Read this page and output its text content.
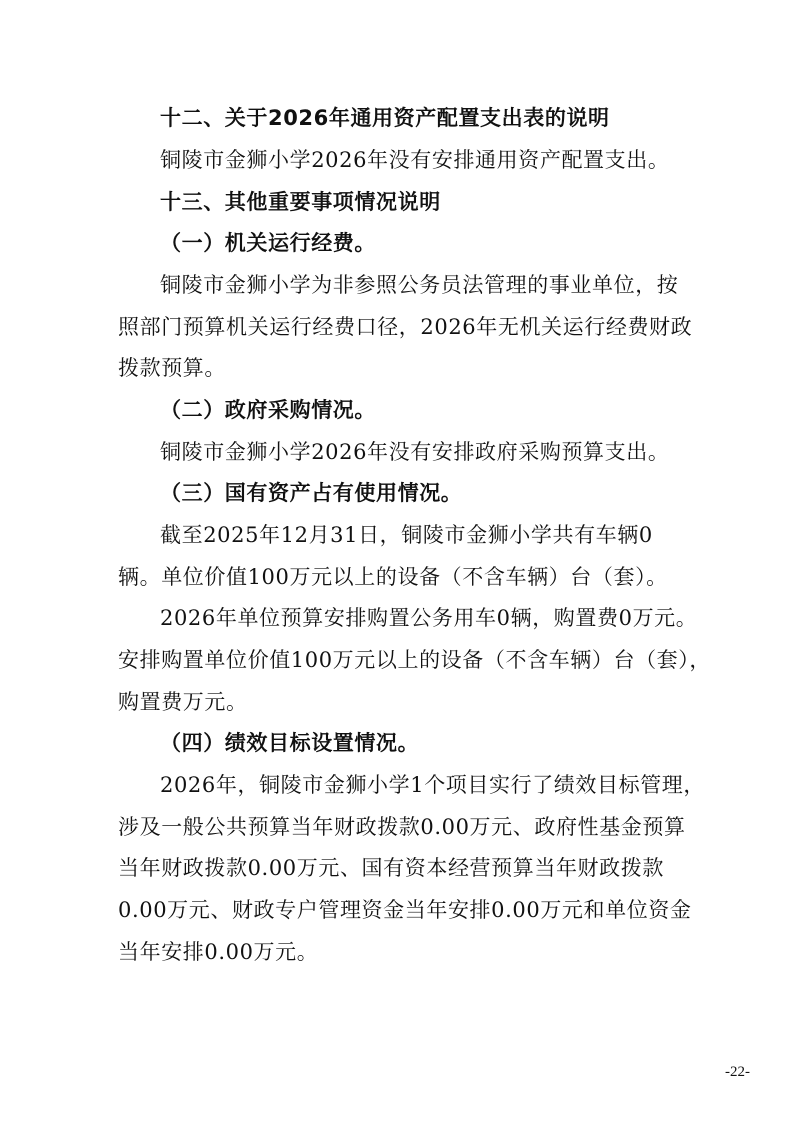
十二、关于2026年通用资产配置支出表的说明
铜陵市金狮小学2026年没有安排通用资产配置支出。
十三、其他重要事项情况说明
（一）机关运行经费。
铜陵市金狮小学为非参照公务员法管理的事业单位，按
照部门预算机关运行经费口径，2026年无机关运行经费财政
拨款预算。
（二）政府采购情况。
铜陵市金狮小学2026年没有安排政府采购预算支出。
（三）国有资产占有使用情况。
截至2025年12月31日，铜陵市金狮小学共有车辆0
辆。单位价值100万元以上的设备（不含车辆）台（套）。
2026年单位预算安排购置公务用车0辆，购置费0万元。
安排购置单位价值100万元以上的设备（不含车辆）台（套），
购置费万元。
（四）绩效目标设置情况。
2026年，铜陵市金狮小学1个项目实行了绩效目标管理，
涉及一般公共预算当年财政拨款0.00万元、政府性基金预算
当年财政拨款0.00万元、国有资本经营预算当年财政拨款
0.00万元、财政专户管理资金当年安排0.00万元和单位资金
当年安排0.00万元。
-22-
